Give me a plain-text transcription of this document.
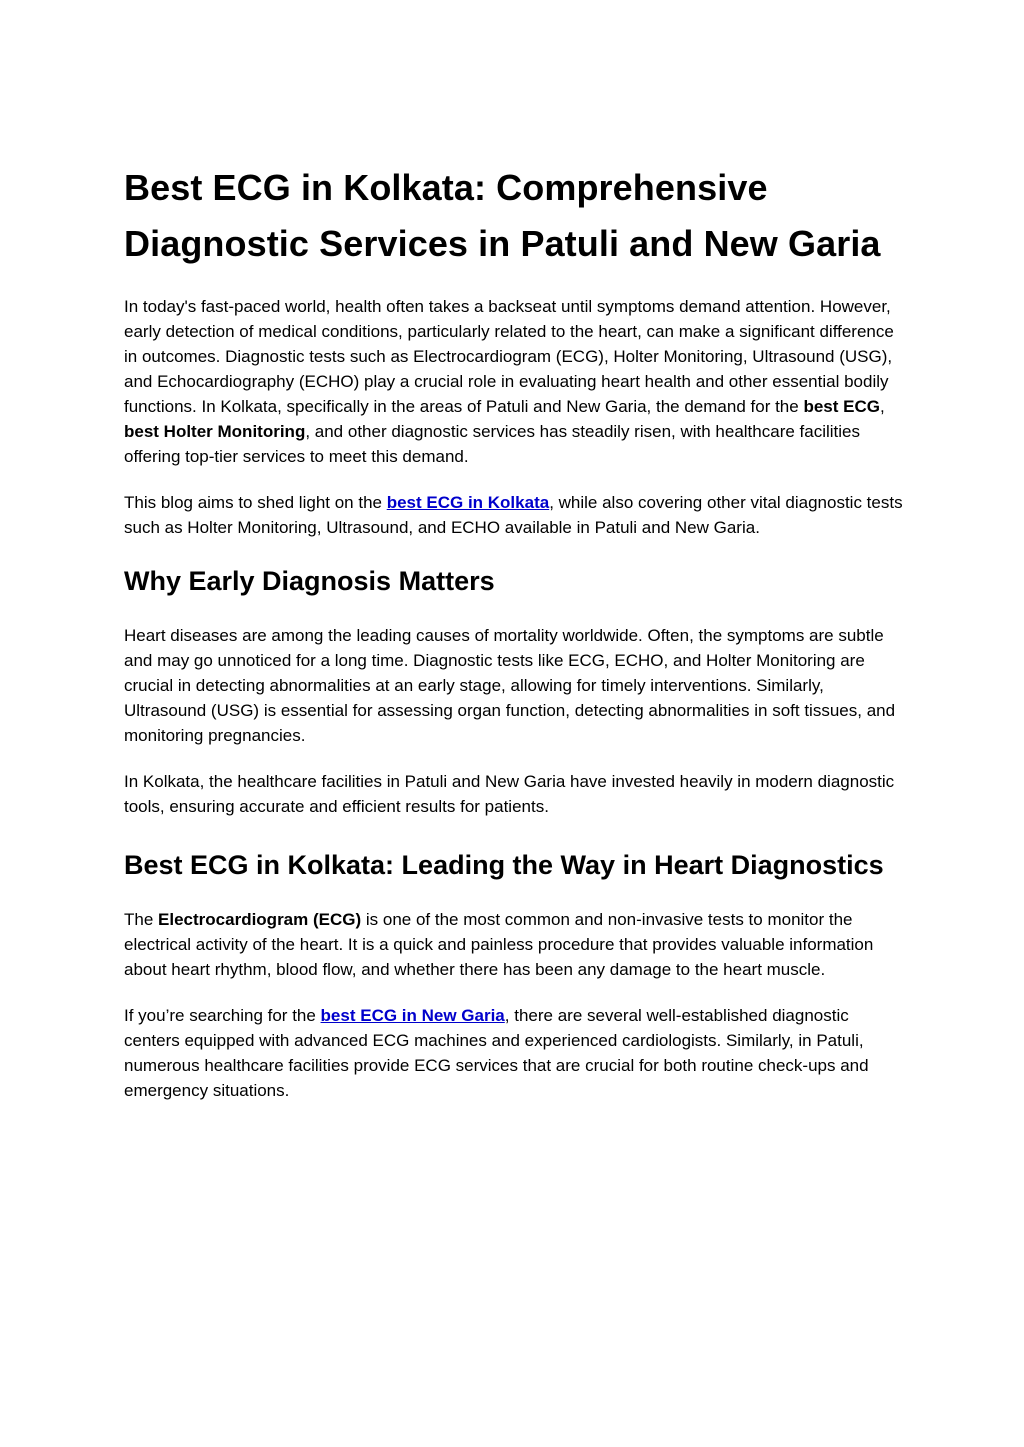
Best ECG in Kolkata: Comprehensive Diagnostic Services in Patuli and New Garia

In today's fast-paced world, health often takes a backseat until symptoms demand attention. However, early detection of medical conditions, particularly related to the heart, can make a significant difference in outcomes. Diagnostic tests such as Electrocardiogram (ECG), Holter Monitoring, Ultrasound (USG), and Echocardiography (ECHO) play a crucial role in evaluating heart health and other essential bodily functions. In Kolkata, specifically in the areas of Patuli and New Garia, the demand for the best ECG, best Holter Monitoring, and other diagnostic services has steadily risen, with healthcare facilities offering top-tier services to meet this demand.

This blog aims to shed light on the best ECG in Kolkata, while also covering other vital diagnostic tests such as Holter Monitoring, Ultrasound, and ECHO available in Patuli and New Garia.

Why Early Diagnosis Matters

Heart diseases are among the leading causes of mortality worldwide. Often, the symptoms are subtle and may go unnoticed for a long time. Diagnostic tests like ECG, ECHO, and Holter Monitoring are crucial in detecting abnormalities at an early stage, allowing for timely interventions. Similarly, Ultrasound (USG) is essential for assessing organ function, detecting abnormalities in soft tissues, and monitoring pregnancies.

In Kolkata, the healthcare facilities in Patuli and New Garia have invested heavily in modern diagnostic tools, ensuring accurate and efficient results for patients.

Best ECG in Kolkata: Leading the Way in Heart Diagnostics

The Electrocardiogram (ECG) is one of the most common and non-invasive tests to monitor the electrical activity of the heart. It is a quick and painless procedure that provides valuable information about heart rhythm, blood flow, and whether there has been any damage to the heart muscle.

If you’re searching for the best ECG in New Garia, there are several well-established diagnostic centers equipped with advanced ECG machines and experienced cardiologists. Similarly, in Patuli, numerous healthcare facilities provide ECG services that are crucial for both routine check-ups and emergency situations.
